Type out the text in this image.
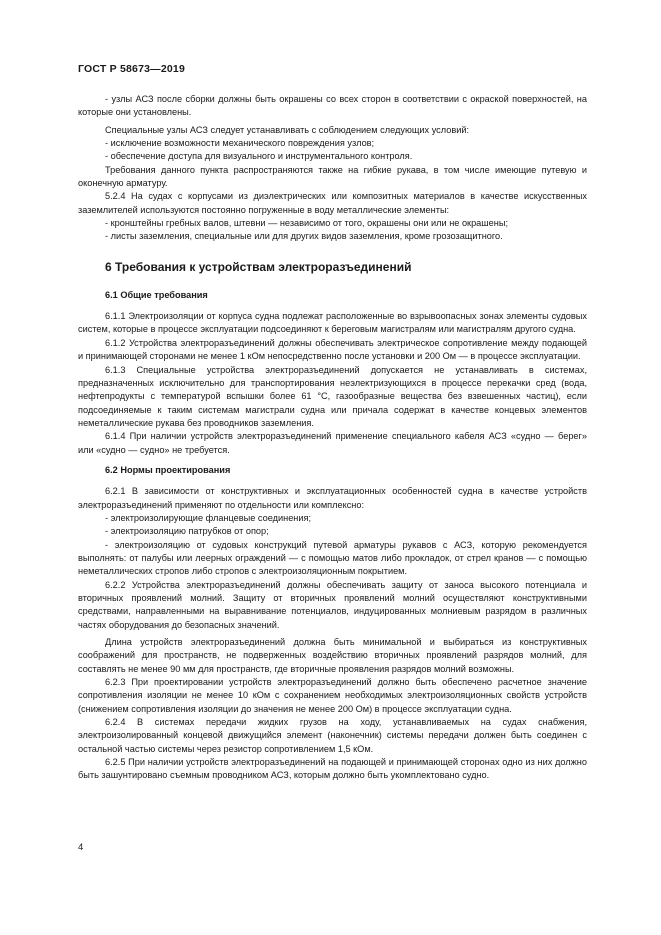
ГОСТ Р 58673—2019

- узлы АСЗ после сборки должны быть окрашены со всех сторон в соответствии с окраской поверхностей, на которые они установлены.

Специальные узлы АСЗ следует устанавливать с соблюдением следующих условий:

- исключение возможности механического повреждения узлов;

- обеспечение доступа для визуального и инструментального контроля.

Требования данного пункта распространяются также на гибкие рукава, в том числе имеющие путевую и оконечную арматуру.

5.2.4 На судах с корпусами из диэлектрических или композитных материалов в качестве искусственных заземлителей используются постоянно погруженные в воду металлические элементы:

- кронштейны гребных валов, штевни — независимо от того, окрашены они или не окрашены;

- листы заземления, специальные или для других видов заземления, кроме грозозащитного.

6 Требования к устройствам электроразъединений
6.1 Общие требования

6.1.1 Электроизоляции от корпуса судна подлежат расположенные во взрывоопасных зонах элементы судовых систем, которые в процессе эксплуатации подсоединяют к береговым магистралям или магистралям другого судна.

6.1.2 Устройства электроразъединений должны обеспечивать электрическое сопротивление между подающей и принимающей сторонами не менее 1 кОм непосредственно после установки и 200 Ом — в процессе эксплуатации.

6.1.3 Специальные устройства электроразъединений допускается не устанавливать в системах, предназначенных исключительно для транспортирования неэлектризующихся в процессе перекачки сред (вода, нефтепродукты с температурой вспышки более 61 °С, газообразные вещества без взвешенных частиц), если подсоединяемые к таким системам магистрали судна или причала содержат в качестве концевых элементов неметаллические рукава без проводников заземления.

6.1.4 При наличии устройств электроразъединений применение специального кабеля АСЗ «судно — берег» или «судно — судно» не требуется.

6.2 Нормы проектирования

6.2.1 В зависимости от конструктивных и эксплуатационных особенностей судна в качестве устройств электроразъединений применяют по отдельности или комплексно:

- электроизолирующие фланцевые соединения;

- электроизоляцию патрубков от опор;

- электроизоляцию от судовых конструкций путевой арматуры рукавов с АСЗ, которую рекомендуется выполнять: от палубы или леерных ограждений — с помощью матов либо прокладок, от стрел кранов — с помощью неметаллических стропов либо стропов с электроизоляционным покрытием.

6.2.2 Устройства электроразъединений должны обеспечивать защиту от заноса высокого потенциала и вторичных проявлений молний. Защиту от вторичных проявлений молний осуществляют конструктивными средствами, направленными на выравнивание потенциалов, индуцированных молниевым разрядом в различных частях оборудования до безопасных значений.

Длина устройств электроразъединений должна быть минимальной и выбираться из конструктивных соображений для пространств, не подверженных воздействию вторичных проявлений разрядов молний, для составлять не менее 90 мм для пространств, где вторичные проявления разрядов молний возможны.

6.2.3 При проектировании устройств электроразъединений должно быть обеспечено расчетное значение сопротивления изоляции не менее 10 кОм с сохранением необходимых электроизоляционных свойств устройств (снижением сопротивления изоляции до значения не менее 200 Ом) в процессе эксплуатации судна.

6.2.4 В системах передачи жидких грузов на ходу, устанавливаемых на судах снабжения, электроизолированный концевой движущийся элемент (наконечник) системы передачи должен быть соединен с остальной частью системы через резистор сопротивлением 1,5 кОм.

6.2.5 При наличии устройств электроразъединений на подающей и принимающей сторонах одно из них должно быть зашунтировано съемным проводником АСЗ, которым должно быть укомплектовано судно.

4
